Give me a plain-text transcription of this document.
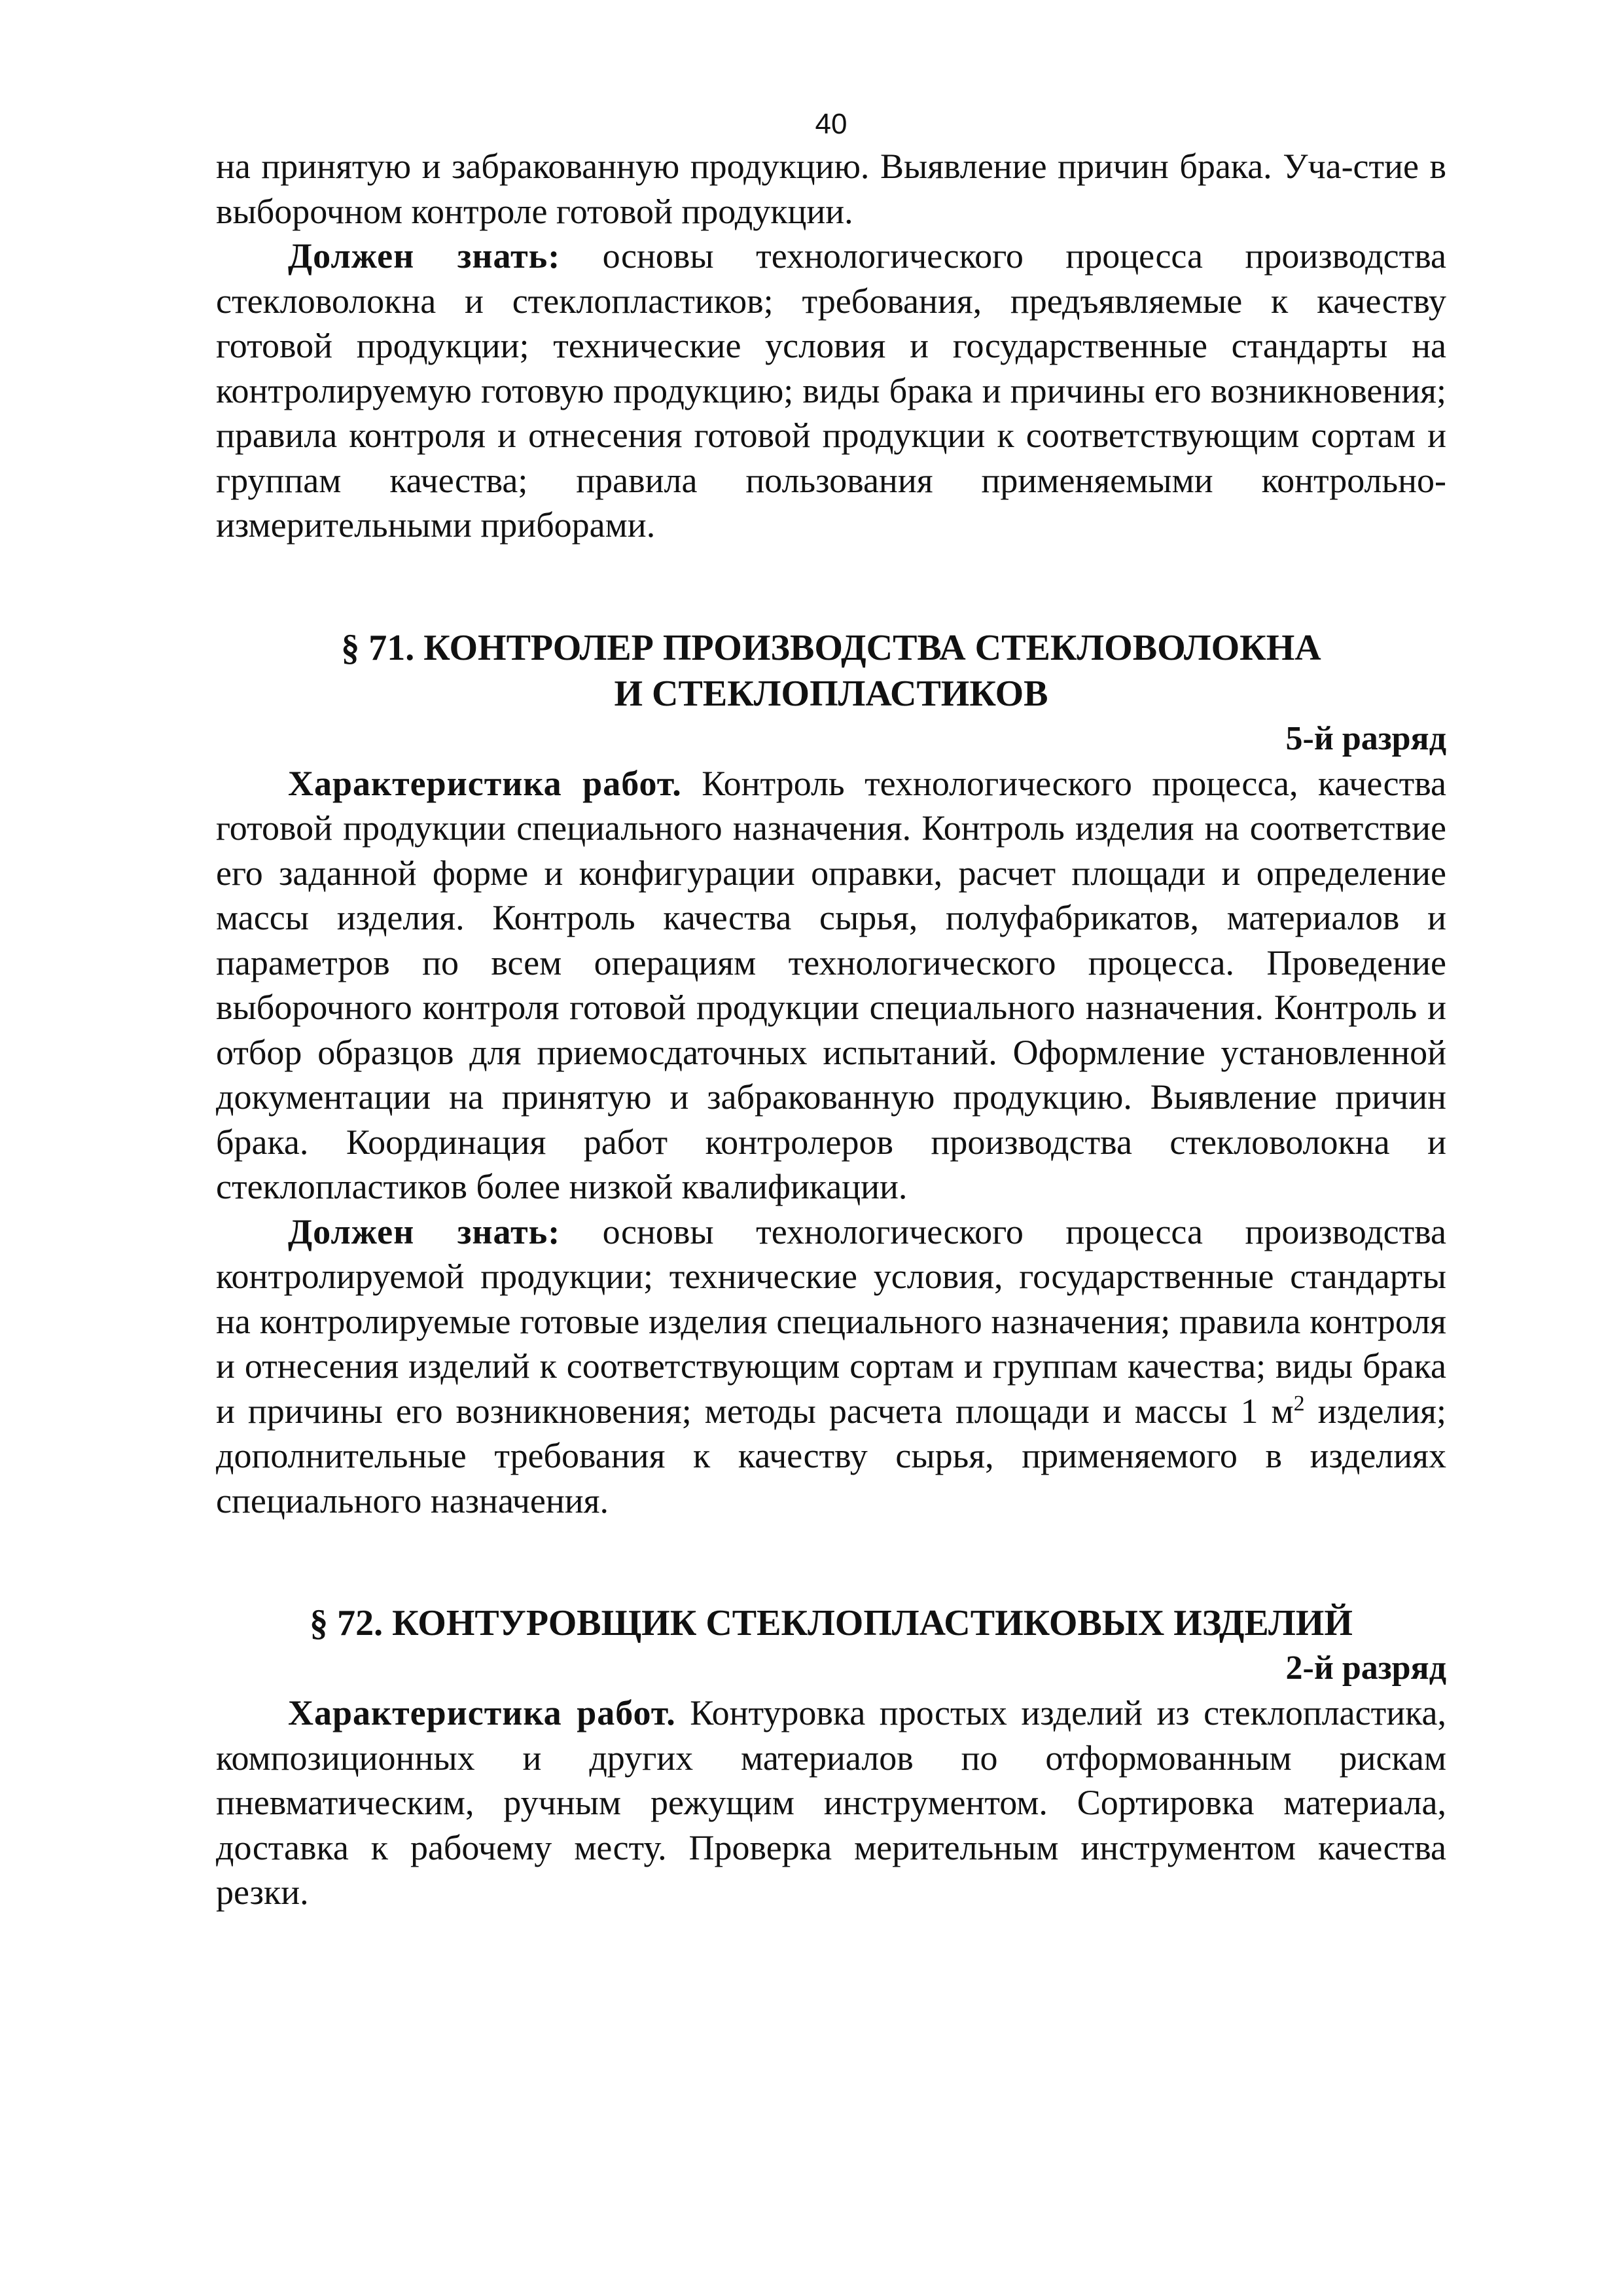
40

на принятую и забракованную продукцию. Выявление причин брака. Уча-стие в выборочном контроле готовой продукции.

Должен знать: основы технологического процесса производства стекловолокна и стеклопластиков; требования, предъявляемые к качеству готовой продукции; технические условия и государственные стандарты на контролируемую готовую продукцию; виды брака и причины его возникновения; правила контроля и отнесения готовой продукции к соответствующим сортам и группам качества; правила пользования применяемыми контрольно-измерительными приборами.

§ 71. КОНТРОЛЕР ПРОИЗВОДСТВА СТЕКЛОВОЛОКНА
И СТЕКЛОПЛАСТИКОВ
5-й разряд

Характеристика работ. Контроль технологического процесса, качества готовой продукции специального назначения. Контроль изделия на соответствие его заданной форме и конфигурации оправки, расчет площади и определение массы изделия. Контроль качества сырья, полуфабрикатов, материалов и параметров по всем операциям технологического процесса. Проведение выборочного контроля готовой продукции специального назначения. Контроль и отбор образцов для приемосдаточных испытаний. Оформление установленной документации на принятую и забракованную продукцию. Выявление причин брака. Координация работ контролеров производства стекловолокна и стеклопластиков более низкой квалификации.

Должен знать: основы технологического процесса производства контролируемой продукции; технические условия, государственные стандарты на контролируемые готовые изделия специального назначения; правила контроля и отнесения изделий к соответствующим сортам и группам качества; виды брака и причины его возникновения; методы расчета площади и массы 1 $м^2$ изделия; дополнительные требования к качеству сырья, применяемого в изделиях специального назначения.

§ 72. КОНТУРОВЩИК СТЕКЛОПЛАСТИКОВЫХ ИЗДЕЛИЙ
2-й разряд

Характеристика работ. Контуровка простых изделий из стеклопластика, композиционных и других материалов по отформованным рискам пневматическим, ручным режущим инструментом. Сортировка материала, доставка к рабочему месту. Проверка мерительным инструментом качества резки.
